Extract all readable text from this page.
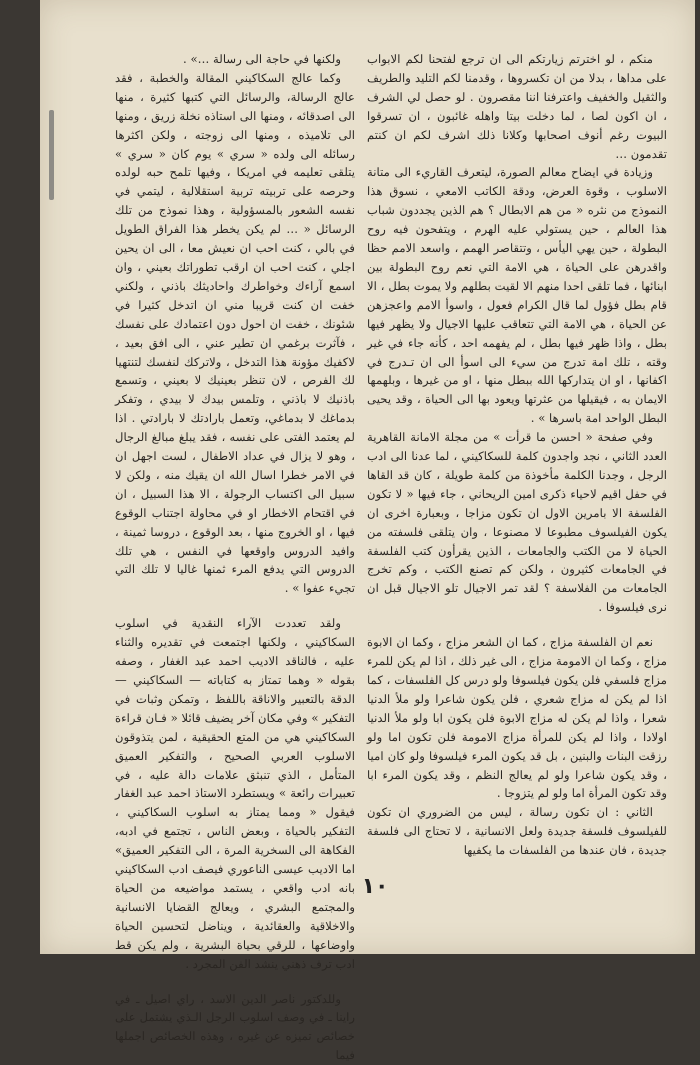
منكم ، لو اخترتم زيارتكم الى ان ترجع لفتحنا لكم الابواب على مداها ، بدلا من ان تكسروها ، وقدمنا لكم التليد والطريف والثقيل والخفيف واعترفنا اننا مقصرون . لو حصل لي الشرف ، ان اكون لصا ، لما دخلت بيتا واهله غائبون ، ان تسرقوا البيوت رغم أنوف اصحابها وكلانا ذلك اشرف لكم ان كنتم تقدمون …

وزيادة في ايضاح معالم الصورة، ليتعرف القاريء الى متانة الاسلوب ، وقوة العرض، ودقة الكاتب الامعي ، نسوق هذا النموذج من نثره « من هم الابطال ؟ هم الذين يجددون شباب هذا العالم ، حين يستولي عليه الهرم ، ويتفحون فيه روح البطولة ، حين يهي اليأس ، وتتقاصر الهمم ، واسعد الامم حظا واقدرهن على الحياة ، هي الامة التي نعم روح البطولة بين ابنائها ، فما تلقى احدا منهم الا لقيت بطلهم ولا يموت بطل ، الا قام بطل فؤول لما قال الكرام فعول ، واسوأ الامم واعجزهن عن الحياة ، هي الامة التي تتعاقب عليها الاجيال ولا يظهر فيها بطل ، واذا ظهر فيها بطل ، لم يفهمه احد ، كأنه جاء في غير وقته ، تلك امة تدرج من سيء الى اسوأ الى ان تـدرج في اكفانها ، او ان يتداركها الله ببطل منها ، او من غيرها ، وبلهمها الايمان به ، فيقيلها من عثرتها ويعود بها الى الحياة ، وقد يحيى البطل الواحد امة باسرها » .

وفي صفحة « احسن ما قرأت » من مجلة الامانة القاهرية العدد الثاني ، نجد واجدون كلمة للسكاكيني ، لما عدنا الى ادب الرجل ، وجدنا الكلمة مأخوذة من كلمة طويلة ، كان قد القاها في حفل اقيم لاحياء ذكرى امين الريحاني ، جاء فيها « لا تكون الفلسفة الا بامرين الاول ان تكون مزاجا ، وبعبارة اخرى ان يكون الفيلسوف مطبوعا لا مصنوعا ، وان يتلقى فلسفته من الحياة لا من الكتب والجامعات ، الذين يقرأون كتب الفلسفة في الجامعات كثيرون ، ولكن كم تصنع الكتب ، وكم تخرج الجامعات من الفلاسفة ؟ لقد تمر الاجيال تلو الاجيال قبل ان نرى فيلسوفا .

نعم ان الفلسفة مزاج ، كما ان الشعر مزاج ، وكما ان الابوة مزاج ، وكما ان الامومة مزاج ، الى غير ذلك ، اذا لم يكن للمرء مزاج فلسفي فلن يكون فيلسوفا ولو درس كل الفلسفات ، كما اذا لم يكن له مزاج شعري ، فلن يكون شاعرا ولو ملأ الدنيا شعرا ، واذا لم يكن له مزاج الابوة فلن يكون ابا ولو ملأ الدنيا اولادا ، واذا لم يكن للمرأة مزاج الامومة فلن تكون اما ولو رزقت البنات والبنين ، بل قد يكون المرء فيلسوفا ولو كان اميا ، وقد يكون شاعرا ولو لم يعالج النظم ، وقد يكون المرء ابا وقد تكون المرأة اما ولو لم يتزوجا .

الثاني : ان تكون رسالة ، ليس من الضروري ان تكون للفيلسوف فلسفة جديدة ولعل الانسانية ، لا تحتاج الى فلسفة جديدة ، فان عندها من الفلسفات ما يكفيها

ولكنها في حاجة الى رسالة …» .

وكما عالج السكاكيني المقالة والخطبة ، فقد عالج الرسالة، والرسائل التي كتبها كثيرة ، منها الى اصدقائه ، ومنها الى استاذه نخلة زريق ، ومنها الى تلاميذه ، ومنها الى زوجته ، ولكن اكثرها رسائله الى ولده « سري » يوم كان « سري » يتلقى تعليمه في امريكا ، وفيها تلمح حبه لولده وحرصه على تربيته تربية استقلالية ، ليتمي في نفسه الشعور بالمسؤولية ، وهذا نموذج من تلك الرسائل « … لم يكن يخطر هذا الفراق الطويل في بالي ، كنت احب ان نعيش معا ، الى ان يحين اجلي ، كنت احب ان ارقب تطوراتك بعيني ، وان اسمع آراءك وخواطرك واحاديثك باذني ، ولكني خفت ان كنت قريبا مني ان اتدخل كثيرا في شئونك ، خفت ان احول دون اعتمادك على نفسك ، فآثرت برغمي ان تطير عني ، الى افق بعيد ، لاكفيك مؤونة هذا التدخل ، ولاتركك لنفسك لتنتهيا لك الفرص ، لان تنظر بعينيك لا بعيني ، وتسمع باذنيك لا باذني ، وتلمس بيدك لا بيدي ، وتفكر بدماغك لا بدماغي، وتعمل بارادتك لا بارادتي . اذا لم يعتمد الفتى على نفسه ، فقد يبلغ مبالغ الرجال ، وهو لا يزال في عداد الاطفال ، لست اجهل ان في الامر خطرا اسال الله ان يقيك منه ، ولكن لا سبيل الى اكتساب الرجولة ، الا هذا السبيل ، ان في اقتحام الاخطار او في محاولة اجتناب الوقوع فيها ، او الخروج منها ، بعد الوقوع ، دروسا ثمينة ، وافيد الدروس واوقعها في النفس ، هي تلك الدروس التي يدفع المرء ثمنها غاليا لا تلك التي تجيء عفوا » .

ولقد تعددت الآراء النقدية في اسلوب السكاكيني ، ولكنها اجتمعت في تقديره والثناء عليه ، فالناقد الاديب احمد عبد الغفار ، وصفه بقوله « وهما تمتاز به كتاباته — السكاكيني — الدقة بالتعبير والاناقة باللفظ ، وتمكن وثبات في التفكير » وفي مكان آخر يضيف قائلا « فـان قراءة السكاكيني هي من المتع الحقيقية ، لمن يتذوقون الاسلوب العربي الصحيح ، والتفكير العميق المتأمل ، الذي تنبثق علامات دالة عليه ، في تعبيرات رائعة » ويستطرد الاستاذ احمد عبد الغفار فيقول « ومما يمتاز به اسلوب السكاكيني ، التفكير بالحياة ، وبعض الناس ، تجتمع في ادبه، الفكاهة الى السخرية المرة ، الى التفكير العميق» اما الاديب عيسى الناعوري فيصف ادب السكاكيني بانه ادب واقعي ، يستمد مواضيعه من الحياة والمجتمع البشري ، ويعالج القضايا الانسانية والاخلاقية والعقائدية ، ويناضل لتحسين الحياة واوضاعها ، للرقي بحياة البشرية ، ولم يكن قط ادب ترف ذهني ينشد الفن المجرد .

وللدكتور ناصر الدين الاسد ، راي اصيل ـ في راينا ـ في وصف اسلوب الرجل الـذي يشتمل على خصائص تميزه عن غيره ، وهذه الخصائص اجملها فيما

١٠
